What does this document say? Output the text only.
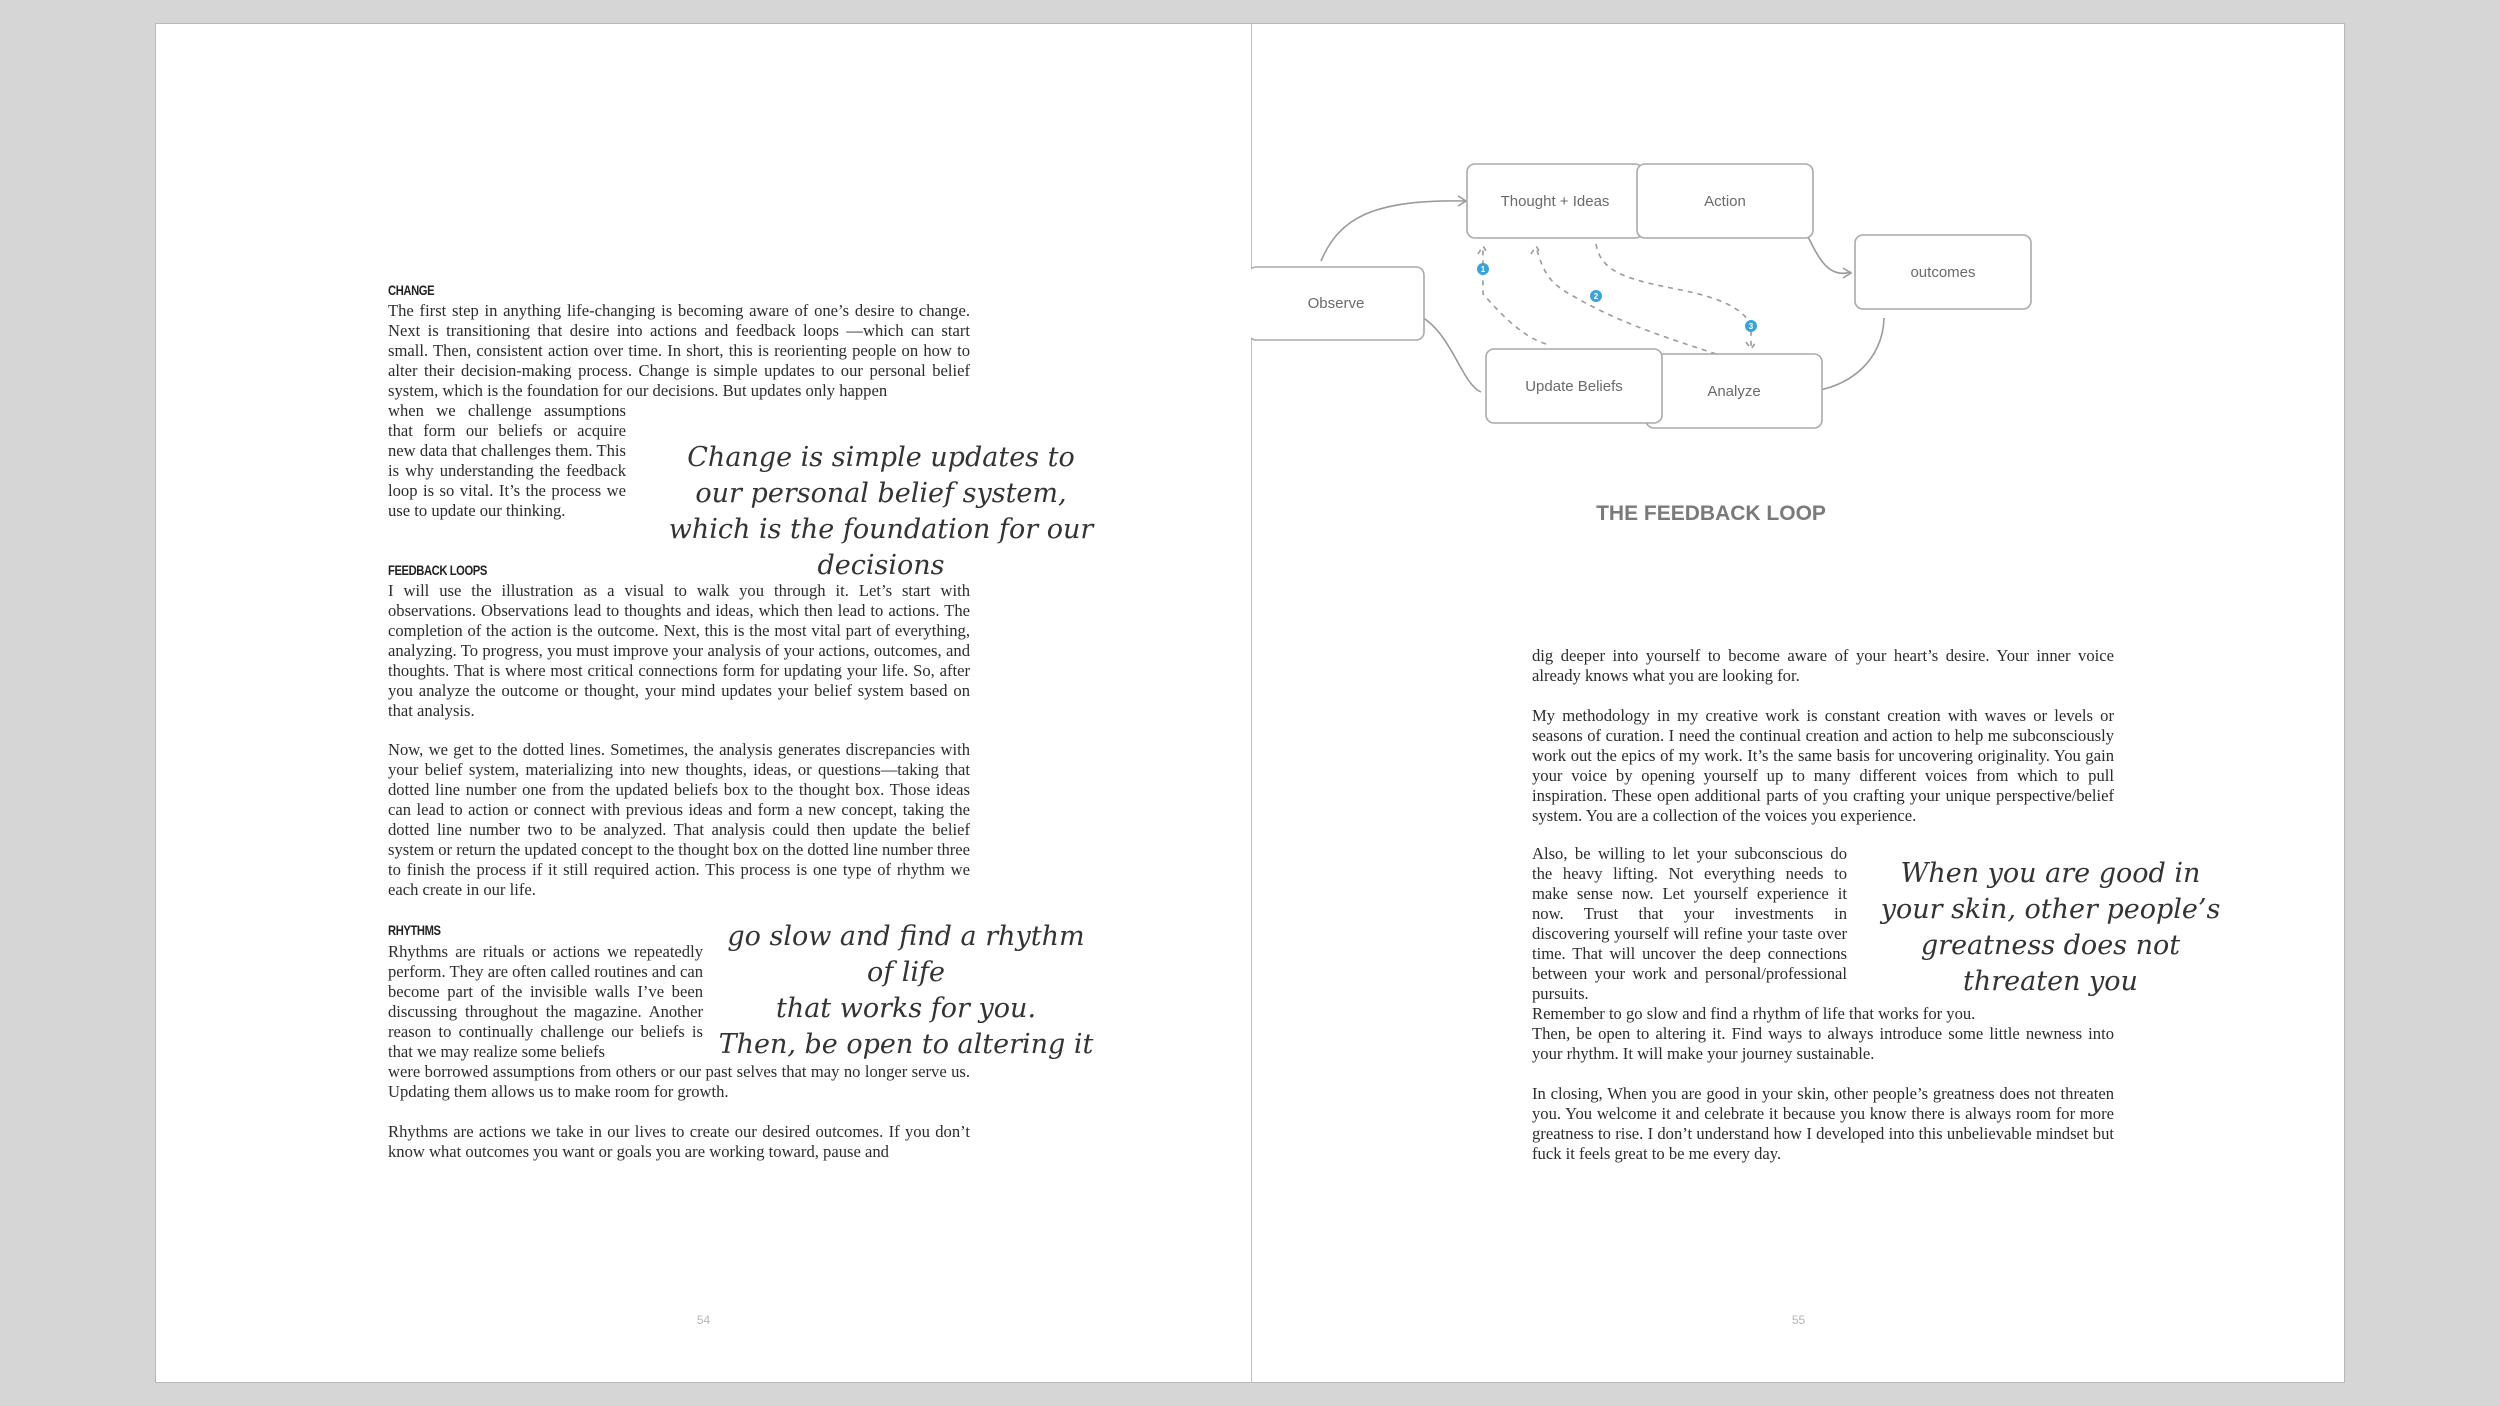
CHANGE

The first step in anything life-changing is becoming aware of one’s desire to change. Next is transitioning that desire into actions and feedback loops —which can start small. Then, consistent action over time. In short, this is reorienting people on how to alter their decision-making process. Change is simple updates to our personal belief system, which is the foundation for our decisions. But updates only happen

when we challenge assumptions that form our beliefs or acquire new data that challenges them. This is why understanding the feedback loop is so vital. It’s the process we use to update our thinking.

Change is simple updates to our personal belief system, which is the foundation for our decisions
FEEDBACK LOOPS

I will use the illustration as a visual to walk you through it. Let’s start with observations. Observations lead to thoughts and ideas, which then lead to actions. The completion of the action is the outcome. Next, this is the most vital part of everything, analyzing. To progress, you must improve your analysis of your actions, outcomes, and thoughts. That is where most critical connections form for updating your life. So, after you analyze the outcome or thought, your mind updates your belief system based on that analysis.

Now, we get to the dotted lines. Sometimes, the analysis generates discrepancies with your belief system, materializing into new thoughts, ideas, or questions—taking that dotted line number one from the updated beliefs box to the thought box. Those ideas can lead to action or connect with previous ideas and form a new concept, taking the dotted line number two to be analyzed. That analysis could then update the belief system or return the updated concept to the thought box on the dotted line number three to finish the process if it still required action. This process is one type of rhythm we each create in our life.

RHYTHMS

Rhythms are rituals or actions we repeatedly perform. They are often called routines and can become part of the invisible walls I’ve been discussing throughout the magazine. Another reason to continually challenge our beliefs is that we may realize some beliefs

were borrowed assumptions from others or our past selves that may no longer serve us. Updating them allows us to make room for growth.

go slow and find a rhythm of life
that works for you.
Then, be open to altering it

Rhythms are actions we take in our lives to create our desired outcomes. If you don’t know what outcomes you want or goals you are working toward, pause and

54
1
2
3
Observe
Thought + Ideas	Action
outcomes
Analyze
Update Beliefs
THE FEEDBACK LOOP

dig deeper into yourself to become aware of your heart’s desire. Your inner voice already knows what you are looking for.

My methodology in my creative work is constant creation with waves or levels or seasons of curation. I need the continual creation and action to help me subconsciously work out the epics of my work. It’s the same basis for uncovering originality. You gain your voice by opening yourself up to many different voices from which to pull inspiration. These open additional parts of you crafting your unique perspective/belief system. You are a collection of the voices you experience.

Also, be willing to let your subconscious do the heavy lifting. Not everything needs to make sense now. Let yourself experience it now. Trust that your investments in discovering yourself will refine your taste over time. That will uncover the deep connections between your work and personal/professional pursuits.

When you are good in your skin, other people’s greatness does not threaten you

Remember to go slow and find a rhythm of life that works for you.

Then, be open to altering it. Find ways to always introduce some little newness into your rhythm. It will make your journey sustainable.

In closing, When you are good in your skin, other people’s greatness does not threaten you. You welcome it and celebrate it because you know there is always room for more greatness to rise. I don’t understand how I developed into this unbelievable mindset but fuck it feels great to be me every day.

55
